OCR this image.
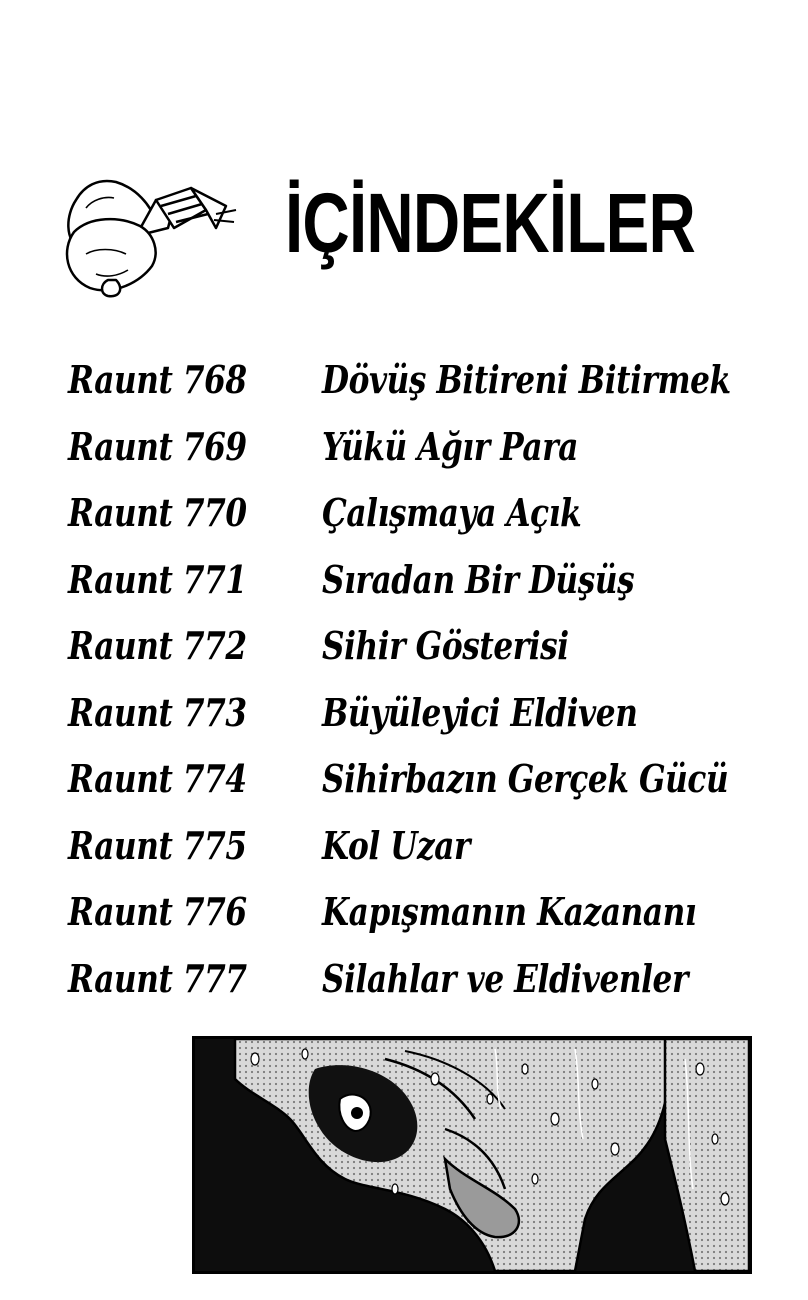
İÇİNDEKİLER
Raunt 768 Dövüş Bitireni Bitirmek
Raunt 769 Yükü Ağır Para
Raunt 770 Çalışmaya Açık
Raunt 771 Sıradan Bir Düşüş
Raunt 772 Sihir Gösterisi
Raunt 773 Büyüleyici Eldiven
Raunt 774 Sihirbazın Gerçek Gücü
Raunt 775 Kol Uzar
Raunt 776 Kapışmanın Kazananı
Raunt 777 Silahlar ve Eldivenler
